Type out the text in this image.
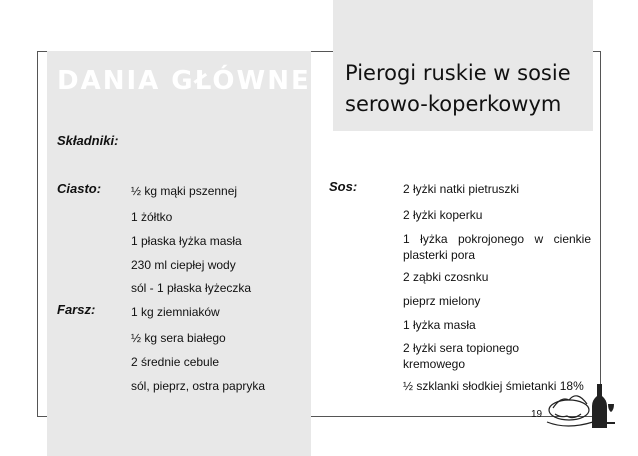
DANIA GŁÓWNE Pierogi ruskie w sosie
serowo-koperkowym
Składniki:
Ciasto: ½ kg mąki pszennej
1 żółtko
1 płaska łyżka masła
230 ml ciepłej wody
sól - 1 płaska łyżeczka
Farsz:	1 kg ziemniaków
½ kg sera białego
2 średnie cebule
sól, pieprz, ostra papryka
Sos:	2 łyżki natki pietruszki
2 łyżki koperku
1 łyżka pokrojonego w cienkie plasterki pora
2 ząbki czosnku
pieprz mielony
1 łyżka masła
2 łyżki sera topionego kremowego
½ szklanki słodkiej śmietanki 18%
19
